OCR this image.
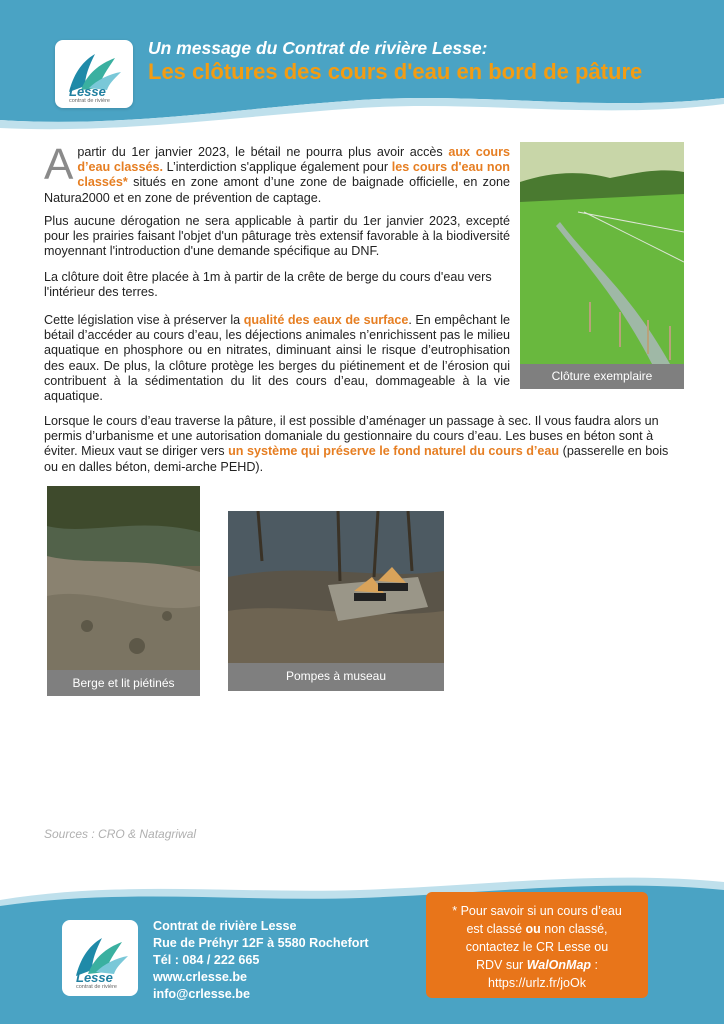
Lesse
contrat de rivière
Un message du Contrat de rivière Lesse:
Les clôtures des cours d'eau en bord de pâture
Apartir du 1er janvier 2023, le bétail ne pourra plus avoir accès aux cours d’eau classés. L’interdiction s'applique également pour les cours d'eau non classés* situés en zone amont d’une zone de baignade officielle, en zone Natura2000 et en zone de prévention de captage.
Plus aucune dérogation ne sera applicable à partir du 1er janvier 2023, excepté pour les prairies faisant l'objet d'un pâturage très extensif favorable à la biodiversité moyennant l'introduction d'une demande spécifique au DNF.
La clôture doit être placée à 1m à partir de la crête de berge du cours d'eau vers l'intérieur des terres.
Cette législation vise à préserver la qualité des eaux de surface. En empêchant le bétail d’accéder au cours d’eau, les déjections animales n’enrichissent pas le milieu aquatique en phosphore ou en nitrates, diminuant ainsi le risque d’eutrophisation des eaux. De plus, la clôture protège les berges du piétinement et de l’érosion qui contribuent à la sédimentation du lit des cours d’eau, dommageable à la vie aquatique.
Lorsque le cours d’eau traverse la pâture, il est possible d’aménager un passage à sec. Il vous faudra alors un permis d’urbanisme et une autorisation domaniale du gestionnaire du cours d’eau. Les buses en béton sont à éviter. Mieux vaut se diriger vers un système qui préserve le fond naturel du cours d’eau (passerelle en bois ou en dalles béton, demi-arche PEHD).
Clôture exemplaire
Berge et lit piétinés	Pompes à museau
Sources : CRO & Natagriwal
Lesse
contrat de rivière
Contrat de rivière Lesse
Rue de Préhyr 12F à 5580 Rochefort
Tél : 084 / 222 665
www.crlesse.be
info@crlesse.be
* Pour savoir si un cours d’eau
est classé ou non classé,
contactez le CR Lesse ou
RDV sur WalOnMap :
https://urlz.fr/joOk
